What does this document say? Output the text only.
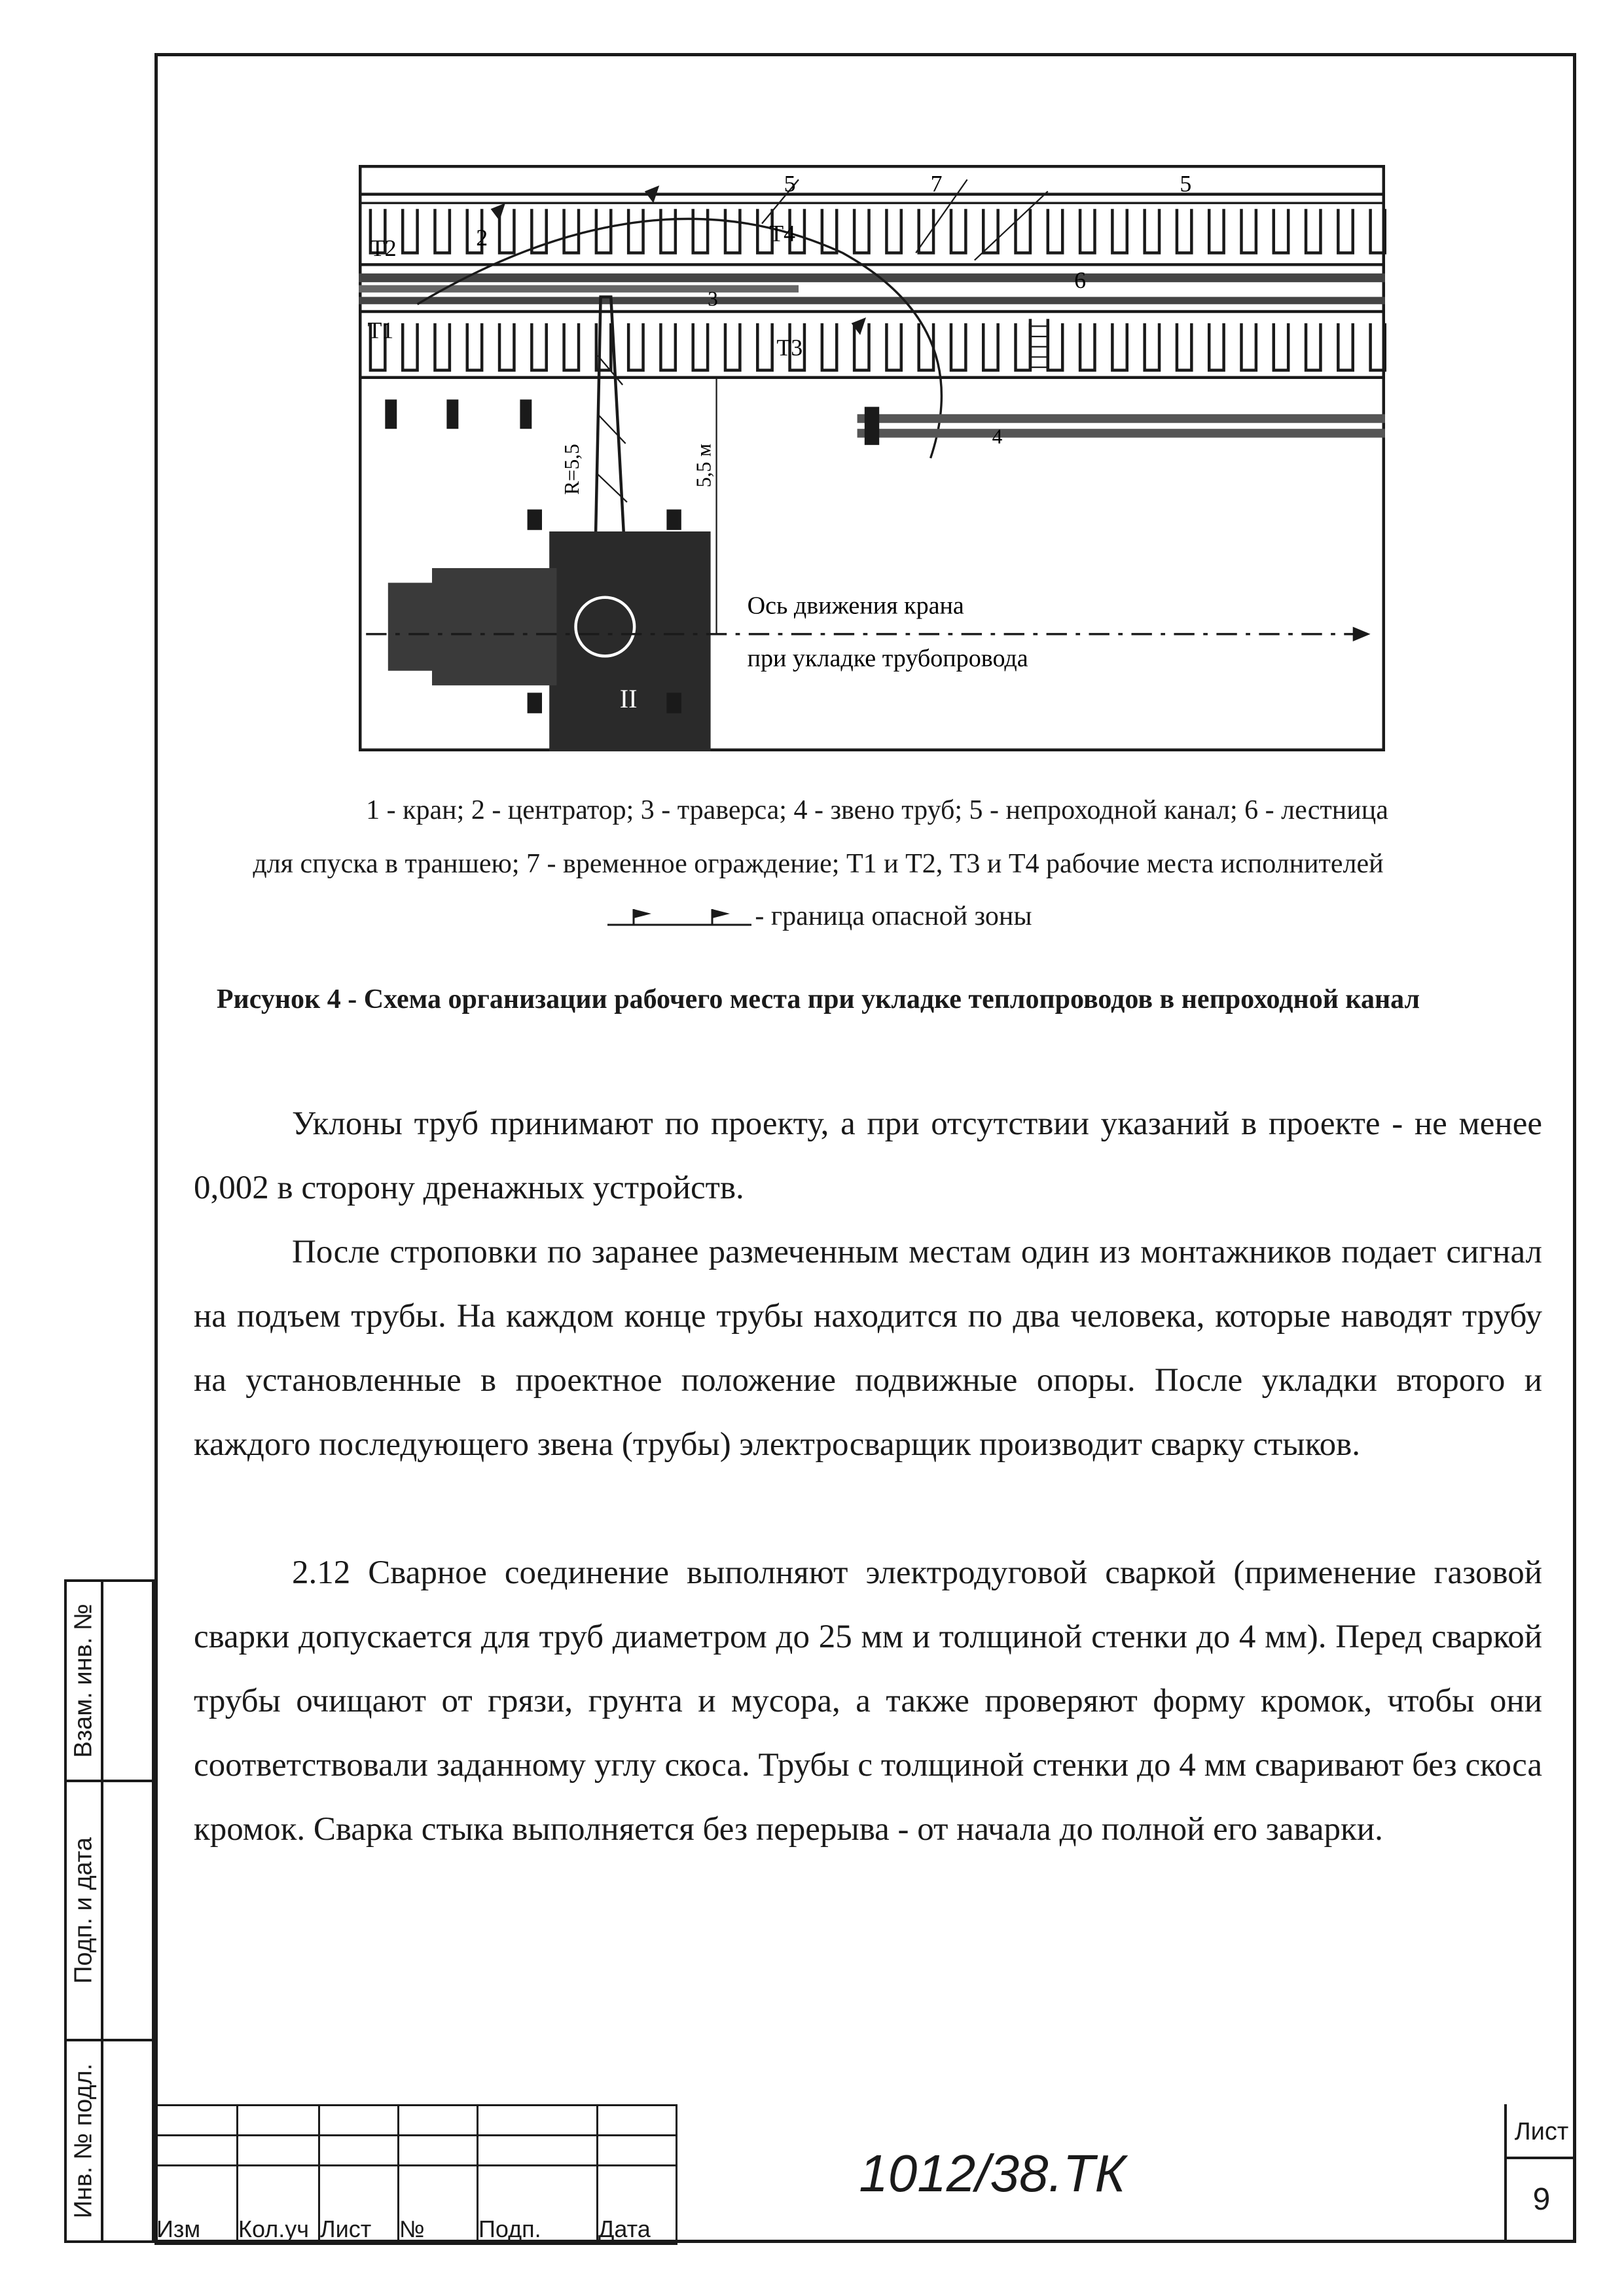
5	7	5
2
T2
T4
3
T1
T3
6
4
R=5,5	5,5 м
II
Ось движения крана
при укладке трубопровода
1 - кран; 2 - центратор; 3 - траверса; 4 - звено труб; 5 - непроходной канал; 6 - лестница
для спуска в траншею; 7 - временное ограждение; Т1 и Т2, Т3 и Т4 рабочие места исполнителей
- граница опасной зоны
Рисунок 4 - Схема организации рабочего места при укладке теплопроводов в непроходной канал

Уклоны труб принимают по проекту, а при отсутствии указаний в проекте - не менее 0,002 в сторону дренажных устройств.

После строповки по заранее размеченным местам один из монтажников подает сигнал на подъем трубы. На каждом конце трубы находится по два человека, которые наводят трубу на установленные в проектное положение подвижные опоры. После укладки второго и каждого последующего звена (трубы) электросварщик производит сварку стыков.

2.12 Сварное соединение выполняют электродуговой сваркой (применение газовой сварки допускается для труб диаметром до 25 мм и толщиной стенки до 4 мм). Перед сваркой трубы очищают от грязи, грунта и мусора, а также проверяют форму кромок, чтобы они соответствовали заданному углу скоса. Трубы с толщиной стенки до 4 мм сваривают без скоса кромок. Сварка стыка выполняется без перерыва - от начала до полной его заварки.

Взам. инв. №
Подп. и дата
Инв. № подл.

Изм	Кол.уч	Лист	№	Подп.	Дата
1012/38.ТК
Лист
9
